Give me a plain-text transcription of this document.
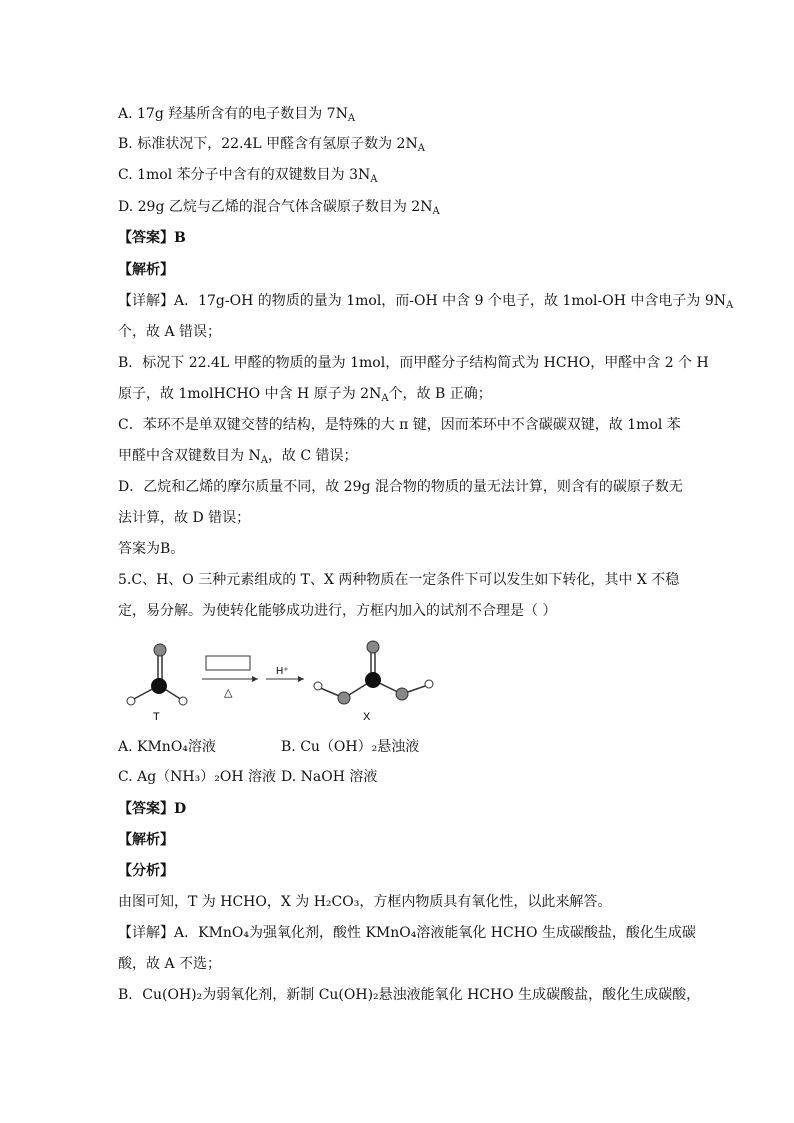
A. 17g 羟基所含有的电子数目为 $7N_A$
B. 标准状况下，22.4L 甲醛含有氢原子数为 $2N_A$
C. 1mol 苯分子中含有的双键数目为 $3N_A$
D. 29g 乙烷与乙烯的混合气体含碳原子数目为 $2N_A$
【答案】B
【解析】
【详解】A．17g-OH 的物质的量为 1mol，而-OH 中含 9 个电子，故 1mol-OH 中含电子为 $9N_A$
个，故 A 错误；
B．标况下 22.4L 甲醛的物质的量为 1mol，而甲醛分子结构简式为 HCHO，甲醛中含 2 个 H
原子，故 1molHCHO 中含 H 原子为 $2N_A$个，故 B 正确；
C．苯环不是单双键交替的结构，是特殊的大 π 键，因而苯环中不含碳碳双键，故 1mol 苯
甲醛中含双键数目为 $N_A$，故 C 错误；
D．乙烷和乙烯的摩尔质量不同，故 29g 混合物的物质的量无法计算，则含有的碳原子数无
法计算，故 D 错误；
答案为B。
5.C、H、O 三种元素组成的 T、X 两种物质在一定条件下可以发生如下转化，其中 X 不稳
定，易分解。为使转化能够成功进行，方框内加入的试剂不合理是（ ）
T
△
H⁺
X
A. KMnO₄溶液	B. Cu（OH）₂悬浊液
C. Ag（NH₃）₂OH 溶液 D. NaOH 溶液
【答案】D
【解析】
【分析】
由图可知，T 为 HCHO，X 为 H₂CO₃，方框内物质具有氧化性，以此来解答。
【详解】A．KMnO₄为强氧化剂，酸性 KMnO₄溶液能氧化 HCHO 生成碳酸盐，酸化生成碳
酸，故 A 不选；
B．Cu(OH)₂为弱氧化剂，新制 Cu(OH)₂悬浊液能氧化 HCHO 生成碳酸盐，酸化生成碳酸，
